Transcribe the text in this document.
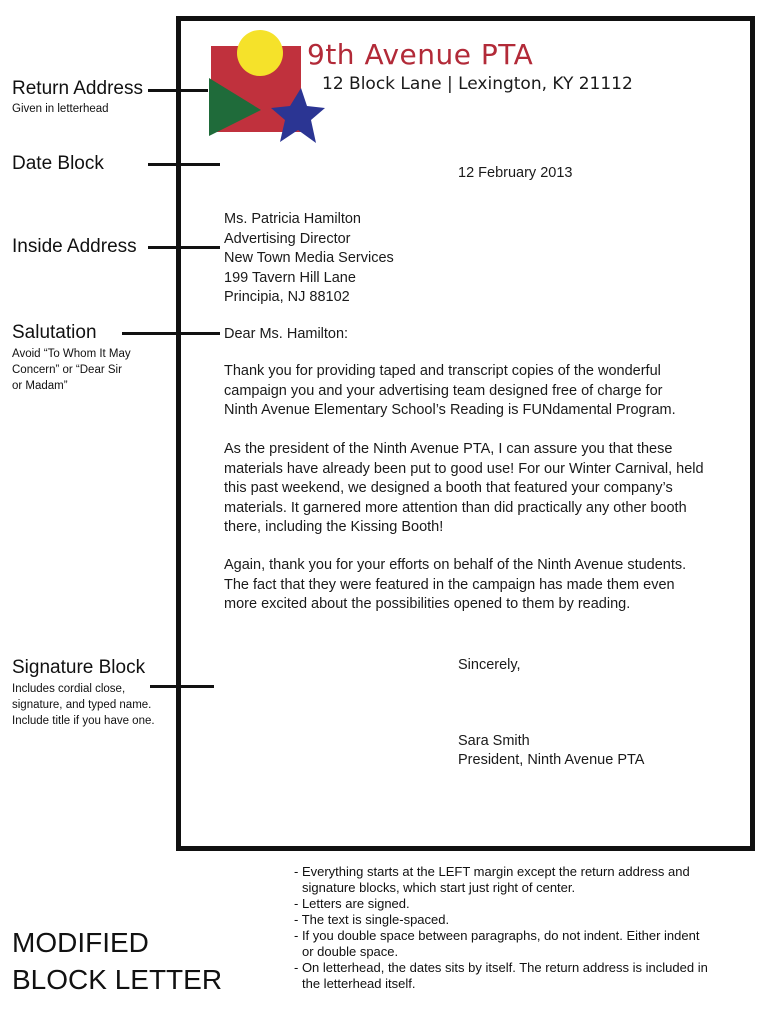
9th Avenue PTA
12 Block Lane | Lexington, KY 21112
Return Address
Given in letterhead
Date Block
Inside Address
Salutation
Avoid “To Whom It May
Concern” or “Dear Sir
or Madam”
Signature Block
Includes cordial close,
signature, and typed name.
Include title if you have one.
12 February 2013
Ms. Patricia Hamilton
Advertising Director
New Town Media Services
199 Tavern Hill Lane
Principia, NJ 88102
Dear Ms. Hamilton:
Thank you for providing taped and transcript copies of the wonderful
campaign you and your advertising team designed free of charge for
Ninth Avenue Elementary School’s Reading is FUNdamental Program.
As the president of the Ninth Avenue PTA, I can assure you that these
materials have already been put to good use! For our Winter Carnival, held
this past weekend, we designed a booth that featured your company’s
materials. It garnered more attention than did practically any other booth
there, including the Kissing Booth!
Again, thank you for your efforts on behalf of the Ninth Avenue students.
The fact that they were featured in the campaign has made them even
more excited about the possibilities opened to them by reading.
Sincerely,
Sara Smith
President, Ninth Avenue PTA
- Everything starts at the LEFT margin except the return address and
signature blocks, which start just right of center.
- Letters are signed.
- The text is single-spaced.
- If you double space between paragraphs, do not indent. Either indent
or double space.
- On letterhead, the dates sits by itself. The return address is included in
the letterhead itself.
MODIFIED
BLOCK LETTER
